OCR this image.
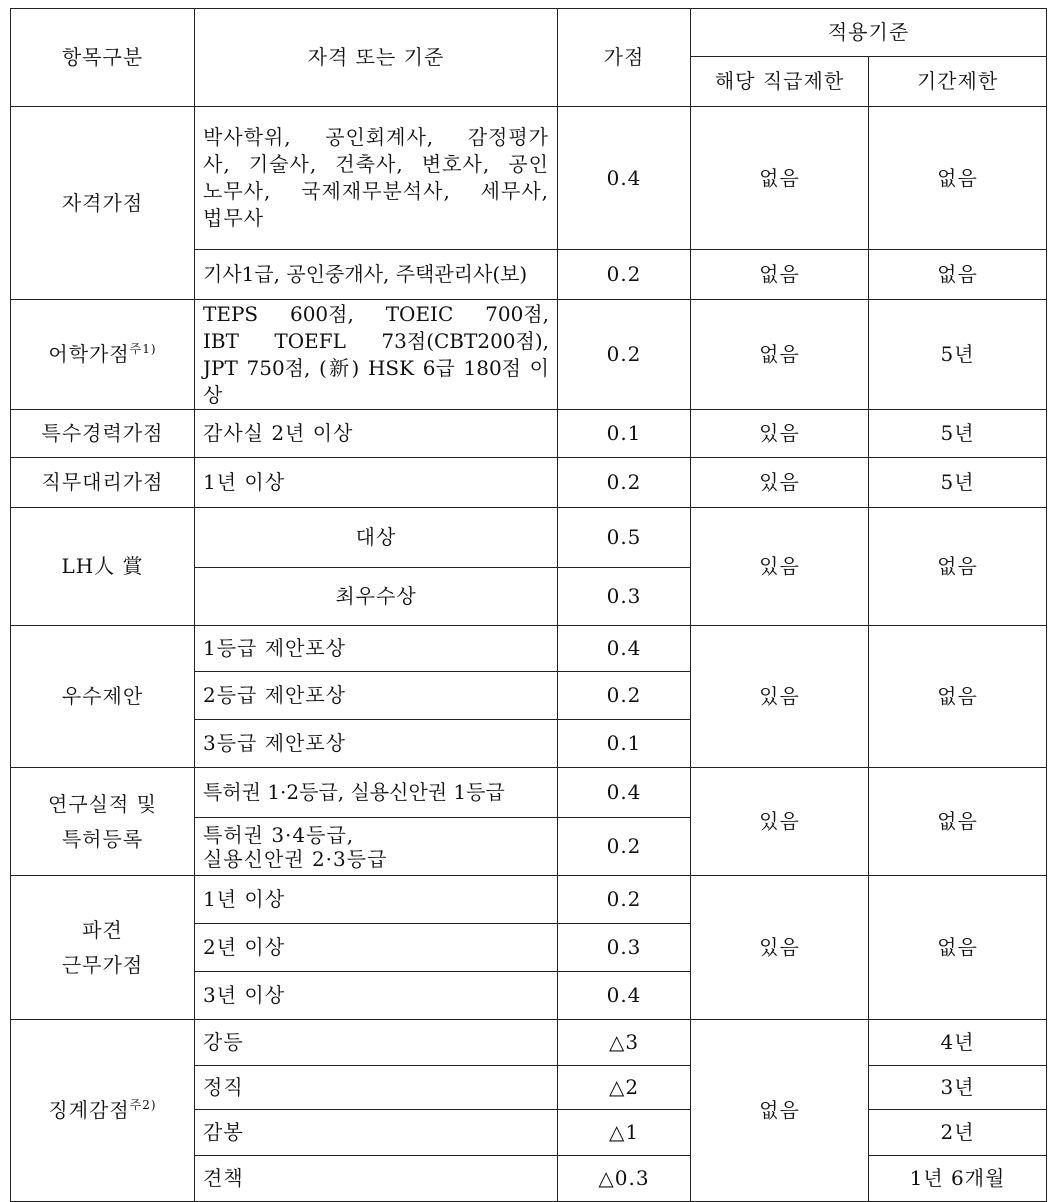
항목구분	자격 또는 기준	가점	적용기준	
			해당 직급제한	기간제한
자격가점	박사학위, 공인회계사, 감정평가
사, 기술사, 건축사, 변호사, 공인
노무사, 국제재무분석사, 세무사,
법무사	0.4	없음	없음
	기사1급, 공인중개사, 주택관리사(보)	0.2	없음	없음
어학가점$^{주1)}$	TEPS 600점, TOEIC 700점,
IBT TOEFL 73점(CBT200점),
JPT 750점, (新) HSK 6급 180점 이상	0.2	없음	5년
특수경력가점	감사실 2년 이상	0.1	있음	5년
직무대리가점	1년 이상	0.2	있음	5년
LH人 賞	대상	0.5	있음	없음
	최우수상	0.3		
우수제안	1등급 제안포상	0.4	있음	없음
	2등급 제안포상	0.2		
	3등급 제안포상	0.1		

연구실적 및
특허등록	특허권 1·2등급, 실용신안권 1등급	0.4	있음	없음

	특허권 3·4등급,
실용신안권 2·3등급	0.2		

파견
근무가점	1년 이상	0.2	있음	없음
	2년 이상	0.3		
	3년 이상	0.4		
징계감점$^{주2)}$	강등	△3	없음	4년
	정직	△2		3년
	감봉	△1		2년
	견책	△0.3		1년 6개월
